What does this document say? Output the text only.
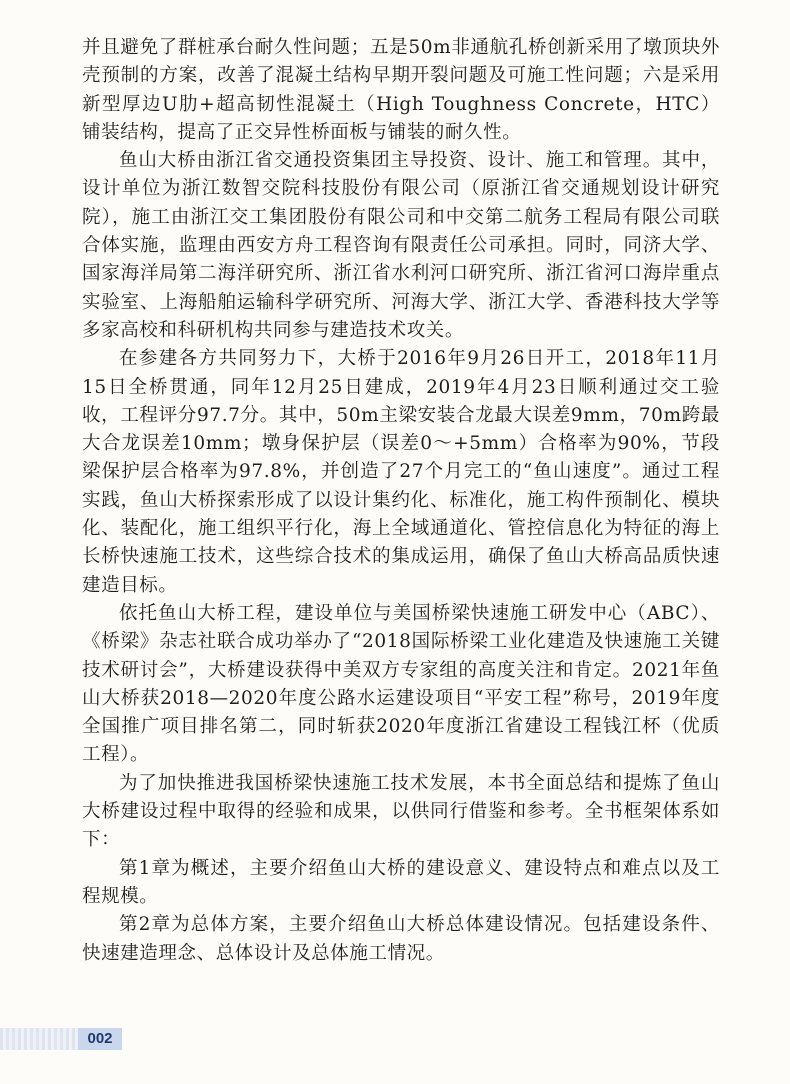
并且避免了群桩承台耐久性问题；五是50m非通航孔桥创新采用了墩顶块外壳预制的方案，改善了混凝土结构早期开裂问题及可施工性问题；六是采用新型厚边U肋+超高韧性混凝土（High Toughness Concrete，HTC）铺装结构，提高了正交异性桥面板与铺装的耐久性。

鱼山大桥由浙江省交通投资集团主导投资、设计、施工和管理。其中，设计单位为浙江数智交院科技股份有限公司（原浙江省交通规划设计研究院），施工由浙江交工集团股份有限公司和中交第二航务工程局有限公司联合体实施，监理由西安方舟工程咨询有限责任公司承担。同时，同济大学、国家海洋局第二海洋研究所、浙江省水利河口研究所、浙江省河口海岸重点实验室、上海船舶运输科学研究所、河海大学、浙江大学、香港科技大学等多家高校和科研机构共同参与建造技术攻关。

在参建各方共同努力下，大桥于2016年9月26日开工，2018年11月15日全桥贯通，同年12月25日建成，2019年4月23日顺利通过交工验收，工程评分97.7分。其中，50m主梁安装合龙最大误差9mm，70m跨最大合龙误差10mm；墩身保护层（误差0～+5mm）合格率为90%，节段梁保护层合格率为97.8%，并创造了27个月完工的“鱼山速度”。通过工程实践，鱼山大桥探索形成了以设计集约化、标准化，施工构件预制化、模块化、装配化，施工组织平行化，海上全域通道化、管控信息化为特征的海上长桥快速施工技术，这些综合技术的集成运用，确保了鱼山大桥高品质快速建造目标。

依托鱼山大桥工程，建设单位与美国桥梁快速施工研发中心（ABC）、《桥梁》杂志社联合成功举办了“2018国际桥梁工业化建造及快速施工关键技术研讨会”，大桥建设获得中美双方专家组的高度关注和肯定。2021年鱼山大桥获2018—2020年度公路水运建设项目“平安工程”称号，2019年度全国推广项目排名第二，同时斩获2020年度浙江省建设工程钱江杯（优质工程）。

为了加快推进我国桥梁快速施工技术发展，本书全面总结和提炼了鱼山大桥建设过程中取得的经验和成果，以供同行借鉴和参考。全书框架体系如下：

第1章为概述，主要介绍鱼山大桥的建设意义、建设特点和难点以及工程规模。

第2章为总体方案，主要介绍鱼山大桥总体建设情况。包括建设条件、快速建造理念、总体设计及总体施工情况。

002
